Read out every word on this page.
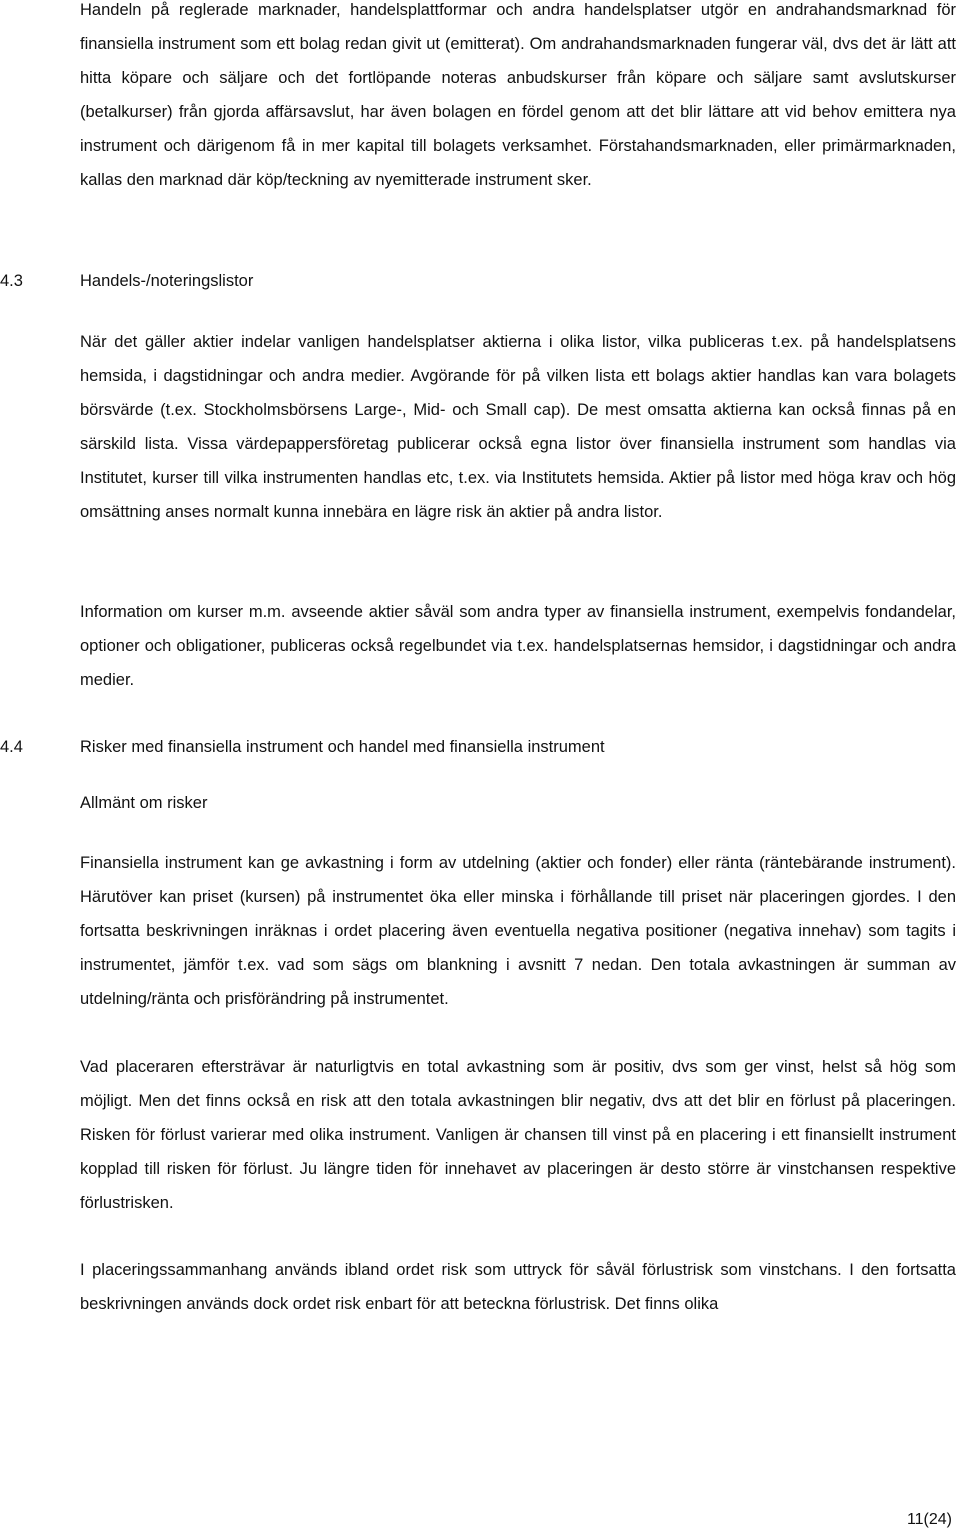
Handeln på reglerade marknader, handelsplattformar och andra handelsplatser utgör en andrahandsmarknad för finansiella instrument som ett bolag redan givit ut (emitterat). Om andrahandsmarknaden fungerar väl, dvs det är lätt att hitta köpare och säljare och det fortlöpande noteras anbudskurser från köpare och säljare samt avslutskurser (betalkurser) från gjorda affärsavslut, har även bolagen en fördel genom att det blir lättare att vid behov emittera nya instrument och därigenom få in mer kapital till bolagets verksamhet. Förstahandsmarknaden, eller primärmarknaden, kallas den marknad där köp/teckning av nyemitterade instrument sker.

4.3	Handels-/noteringslistor

När det gäller aktier indelar vanligen handelsplatser aktierna i olika listor, vilka publiceras t.ex. på handelsplatsens hemsida, i dagstidningar och andra medier. Avgörande för på vilken lista ett bolags aktier handlas kan vara bolagets börsvärde (t.ex. Stockholmsbörsens Large-, Mid- och Small cap). De mest omsatta aktierna kan också finnas på en särskild lista. Vissa värdepappersföretag publicerar också egna listor över finansiella instrument som handlas via Institutet, kurser till vilka instrumenten handlas etc, t.ex. via Institutets hemsida. Aktier på listor med höga krav och hög omsättning anses normalt kunna innebära en lägre risk än aktier på andra listor.

Information om kurser m.m. avseende aktier såväl som andra typer av finansiella instrument, exempelvis fondandelar, optioner och obligationer, publiceras också regelbundet via t.ex. handelsplatsernas hemsidor, i dagstidningar och andra medier.

4.4	Risker med finansiella instrument och handel med finansiella instrument
Allmänt om risker

Finansiella instrument kan ge avkastning i form av utdelning (aktier och fonder) eller ränta (räntebärande instrument). Härutöver kan priset (kursen) på instrumentet öka eller minska i förhållande till priset när placeringen gjordes. I den fortsatta beskrivningen inräknas i ordet placering även eventuella negativa positioner (negativa innehav) som tagits i instrumentet, jämför t.ex. vad som sägs om blankning i avsnitt 7 nedan. Den totala avkastningen är summan av utdelning/ränta och prisförändring på instrumentet.

Vad placeraren eftersträvar är naturligtvis en total avkastning som är positiv, dvs som ger vinst, helst så hög som möjligt. Men det finns också en risk att den totala avkastningen blir negativ, dvs att det blir en förlust på placeringen. Risken för förlust varierar med olika instrument. Vanligen är chansen till vinst på en placering i ett finansiellt instrument kopplad till risken för förlust. Ju längre tiden för innehavet av placeringen är desto större är vinstchansen respektive förlustrisken.

I placeringssammanhang används ibland ordet risk som uttryck för såväl förlustrisk som vinstchans. I den fortsatta beskrivningen används dock ordet risk enbart för att beteckna förlustrisk. Det finns olika

11(24)
